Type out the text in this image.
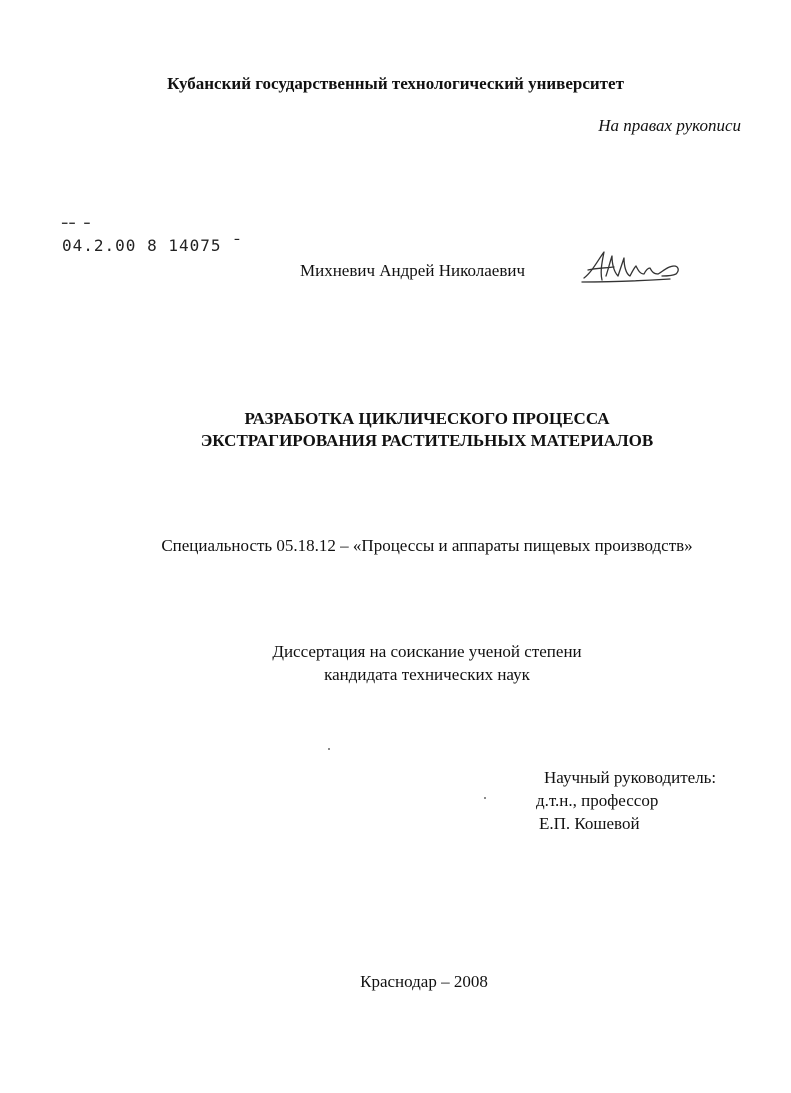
Кубанский государственный технологический университет
На правах рукописи
▔▔ ▔
04.2.00 8 14075 ˉ
Михневич Андрей Николаевич
РАЗРАБОТКА ЦИКЛИЧЕСКОГО ПРОЦЕССА
ЭКСТРАГИРОВАНИЯ РАСТИТЕЛЬНЫХ МАТЕРИАЛОВ
Специальность 05.18.12 – «Процессы и аппараты пищевых производств»
Диссертация на соискание ученой степени
кандидата технических наук
Научный руководитель:
д.т.н., профессор
Е.П. Кошевой
Краснодар – 2008
